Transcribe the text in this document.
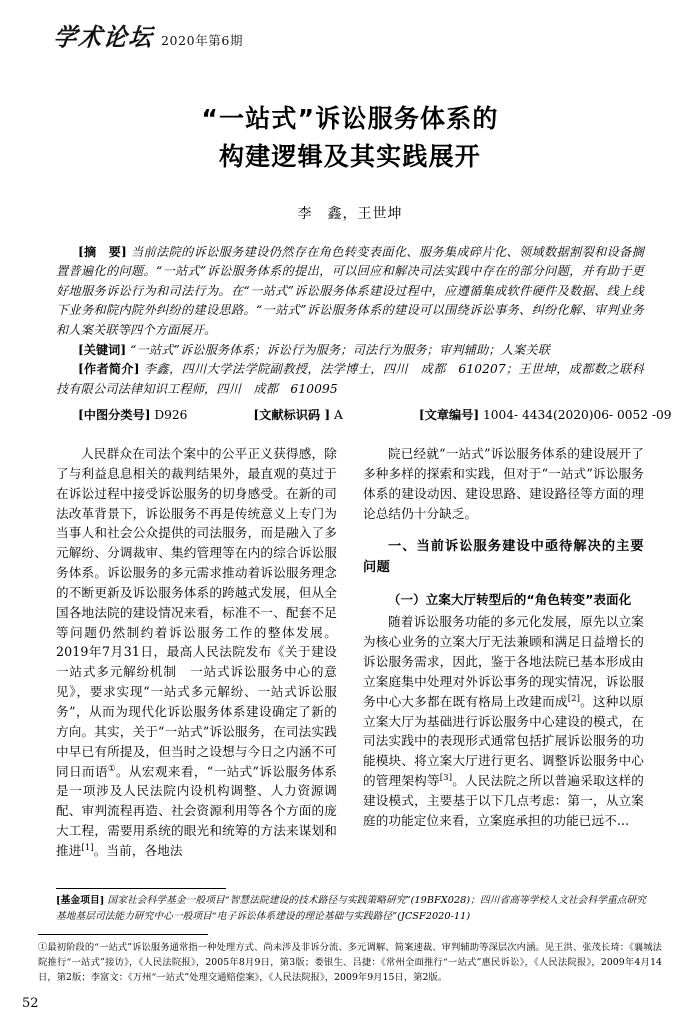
学术论坛 2020年第6期
“一站式”诉讼服务体系的
构建逻辑及其实践展开
李　鑫，王世坤

[摘　要] 当前法院的诉讼服务建设仍然存在角色转变表面化、服务集成碎片化、领域数据割裂和设备搁置普遍化的问题。“一站式”诉讼服务体系的提出，可以回应和解决司法实践中存在的部分问题，并有助于更好地服务诉讼行为和司法行为。在“一站式”诉讼服务体系建设过程中，应遵循集成软件硬件及数据、线上线下业务和院内院外纠纷的建设思路。“一站式”诉讼服务体系的建设可以围绕诉讼事务、纠纷化解、审判业务和人案关联等四个方面展开。

[关键词] “一站式”诉讼服务体系；诉讼行为服务；司法行为服务；审判辅助；人案关联

[作者简介] 李鑫，四川大学法学院副教授，法学博士，四川　成都　610207；王世坤，成都数之联科技有限公司法律知识工程师，四川　成都　610095

[中图分类号] D926	[文献标识码 ] A	[文章编号] 1004- 4434(2020)06- 0052 -09

人民群众在司法个案中的公平正义获得感，除了与利益息息相关的裁判结果外，最直观的莫过于在诉讼过程中接受诉讼服务的切身感受。在新的司法改革背景下，诉讼服务不再是传统意义上专门为当事人和社会公众提供的司法服务，而是融入了多元解纷、分调裁审、集约管理等在内的综合诉讼服务体系。诉讼服务的多元需求推动着诉讼服务理念的不断更新及诉讼服务体系的跨越式发展，但从全国各地法院的建设情况来看，标准不一、配套不足等问题仍然制约着诉讼服务工作的整体发展。2019年7月31日，最高人民法院发布《关于建设一站式多元解纷机制　一站式诉讼服务中心的意见》，要求实现“一站式多元解纷、一站式诉讼服务”，从而为现代化诉讼服务体系建设确定了新的方向。其实，关于“一站式”诉讼服务，在司法实践中早已有所提及，但当时之设想与今日之内涵不可同日而语①。从宏观来看，“一站式”诉讼服务体系是一项涉及人民法院内设机构调整、人力资源调配、审判流程再造、社会资源利用等各个方面的庞大工程，需要用系统的眼光和统筹的方法来谋划和推进[1]。当前，各地法

院已经就“一站式”诉讼服务体系的建设展开了多种多样的探索和实践，但对于“一站式”诉讼服务体系的建设动因、建设思路、建设路径等方面的理论总结仍十分缺乏。

一、当前诉讼服务建设中亟待解决的主要问题
（一）立案大厅转型后的“角色转变”表面化

随着诉讼服务功能的多元化发展，原先以立案为核心业务的立案大厅无法兼顾和满足日益增长的诉讼服务需求，因此，鉴于各地法院已基本形成由立案庭集中处理对外诉讼事务的现实情况，诉讼服务中心大多都在既有格局上改建而成[2]。这种以原立案大厅为基础进行诉讼服务中心建设的模式，在司法实践中的表现形式通常包括扩展诉讼服务的功能模块、将立案大厅进行更名、调整诉讼服务中心的管理架构等[3]。人民法院之所以普遍采取这样的建设模式，主要基于以下几点考虑：第一，从立案庭的功能定位来看，立案庭承担的功能已远不...

[基金项目] 国家社会科学基金一般项目“智慧法院建设的技术路径与实践策略研究”(19BFX028)；四川省高等学校人文社会科学重点研究基地基层司法能力研究中心一般项目“电子诉讼体系建设的理论基础与实践路径”(JCSF2020-11)

①最初阶段的“一站式”诉讼服务通常指一种处理方式、尚未涉及非诉分流、多元调解、简案速裁、审判辅助等深层次内涵。见王洪、张茂长琦：《襄城法院推行“一站式”接访》，《人民法院报》，2005年8月9日，第3版；娄银生、吕捷：《常州全面推行“一站式”惠民诉讼》，《人民法院报》，2009年4月14日，第2版；李富文：《万州“一站式”处理交通赔偿案》，《人民法院报》，2009年9月15日，第2版。

52
